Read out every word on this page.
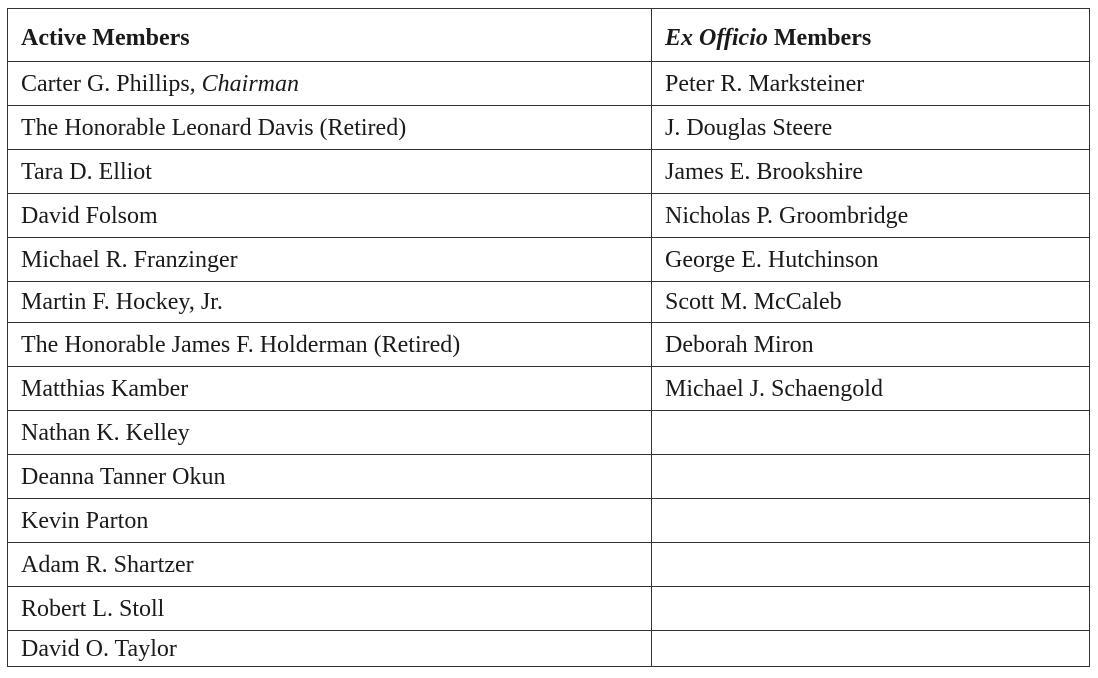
Active Members	Ex Officio Members
Carter G. Phillips, Chairman	Peter R. Marksteiner
The Honorable Leonard Davis (Retired)	J. Douglas Steere
Tara D. Elliot	James E. Brookshire
David Folsom	Nicholas P. Groombridge
Michael R. Franzinger	George E. Hutchinson
Martin F. Hockey, Jr.	Scott M. McCaleb
The Honorable James F. Holderman (Retired)	Deborah Miron
Matthias Kamber	Michael J. Schaengold
Nathan K. Kelley	
Deanna Tanner Okun	
Kevin Parton	
Adam R. Shartzer	
Robert L. Stoll	
David O. Taylor	
